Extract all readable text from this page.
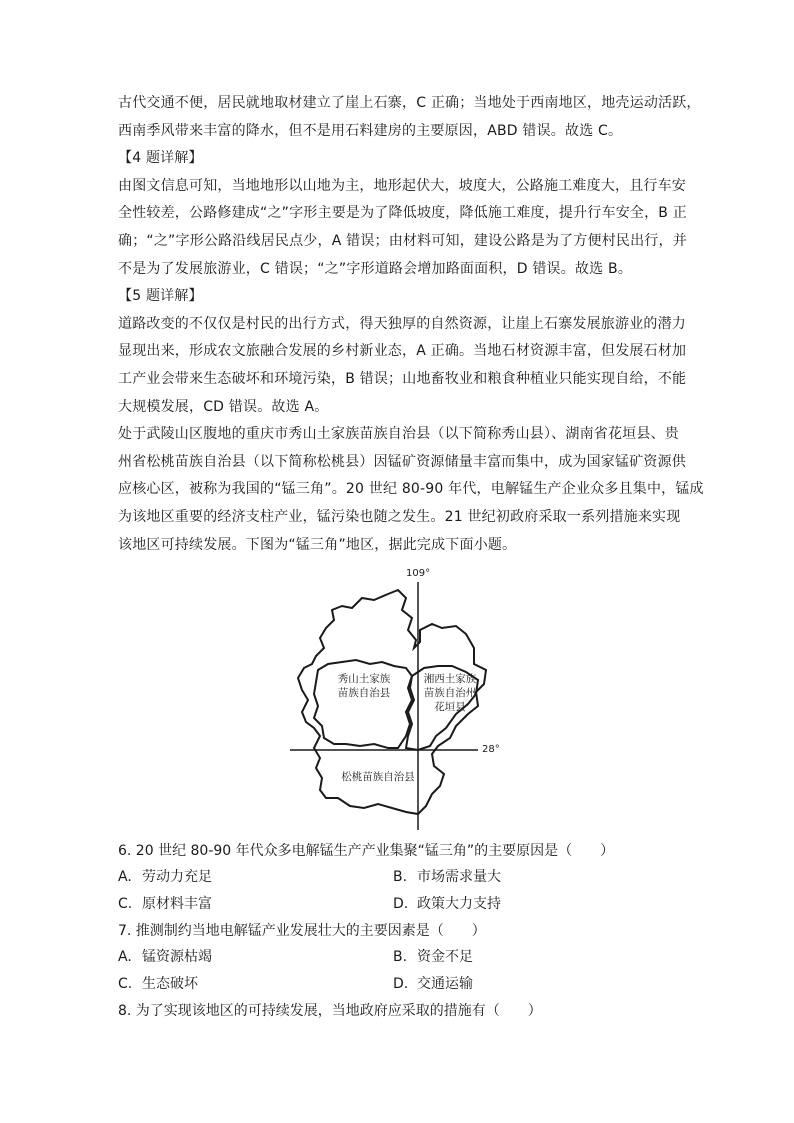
古代交通不便，居民就地取材建立了崖上石寨，C 正确；当地处于西南地区，地壳运动活跃，
西南季风带来丰富的降水，但不是用石料建房的主要原因，ABD 错误。故选 C。
【4 题详解】
由图文信息可知，当地地形以山地为主，地形起伏大，坡度大，公路施工难度大，且行车安
全性较差，公路修建成“之”字形主要是为了降低坡度，降低施工难度，提升行车安全，B 正
确；“之”字形公路沿线居民点少，A 错误；由材料可知，建设公路是为了方便村民出行，并
不是为了发展旅游业，C 错误；“之”字形道路会增加路面面积，D 错误。故选 B。
【5 题详解】
道路改变的不仅仅是村民的出行方式，得天独厚的自然资源，让崖上石寨发展旅游业的潜力
显现出来，形成农文旅融合发展的乡村新业态，A 正确。当地石材资源丰富，但发展石材加
工产业会带来生态破坏和环境污染，B 错误；山地畜牧业和粮食种植业只能实现自给，不能
大规模发展，CD 错误。故选 A。
处于武陵山区腹地的重庆市秀山土家族苗族自治县（以下简称秀山县）、湖南省花垣县、贵
州省松桃苗族自治县（以下简称松桃县）因锰矿资源储量丰富而集中，成为国家锰矿资源供
应核心区，被称为我国的“锰三角”。20 世纪 80-90 年代，电解锰生产企业众多且集中，锰成
为该地区重要的经济支柱产业，锰污染也随之发生。21 世纪初政府采取一系列措施来实现
该地区可持续发展。下图为“锰三角”地区，据此完成下面小题。
109°
28°
秀山土家族
苗族自治县
湘西土家族
苗族自治州
花垣县
松桃苗族自治县
6. 20 世纪 80-90 年代众多电解锰生产产业集聚“锰三角”的主要原因是（　　）
A. 劳动力充足	B. 市场需求量大
C. 原材料丰富	D. 政策大力支持
7. 推测制约当地电解锰产业发展壮大的主要因素是（　　）
A. 锰资源枯竭	B. 资金不足
C. 生态破坏	D. 交通运输
8. 为了实现该地区的可持续发展，当地政府应采取的措施有（　　）
